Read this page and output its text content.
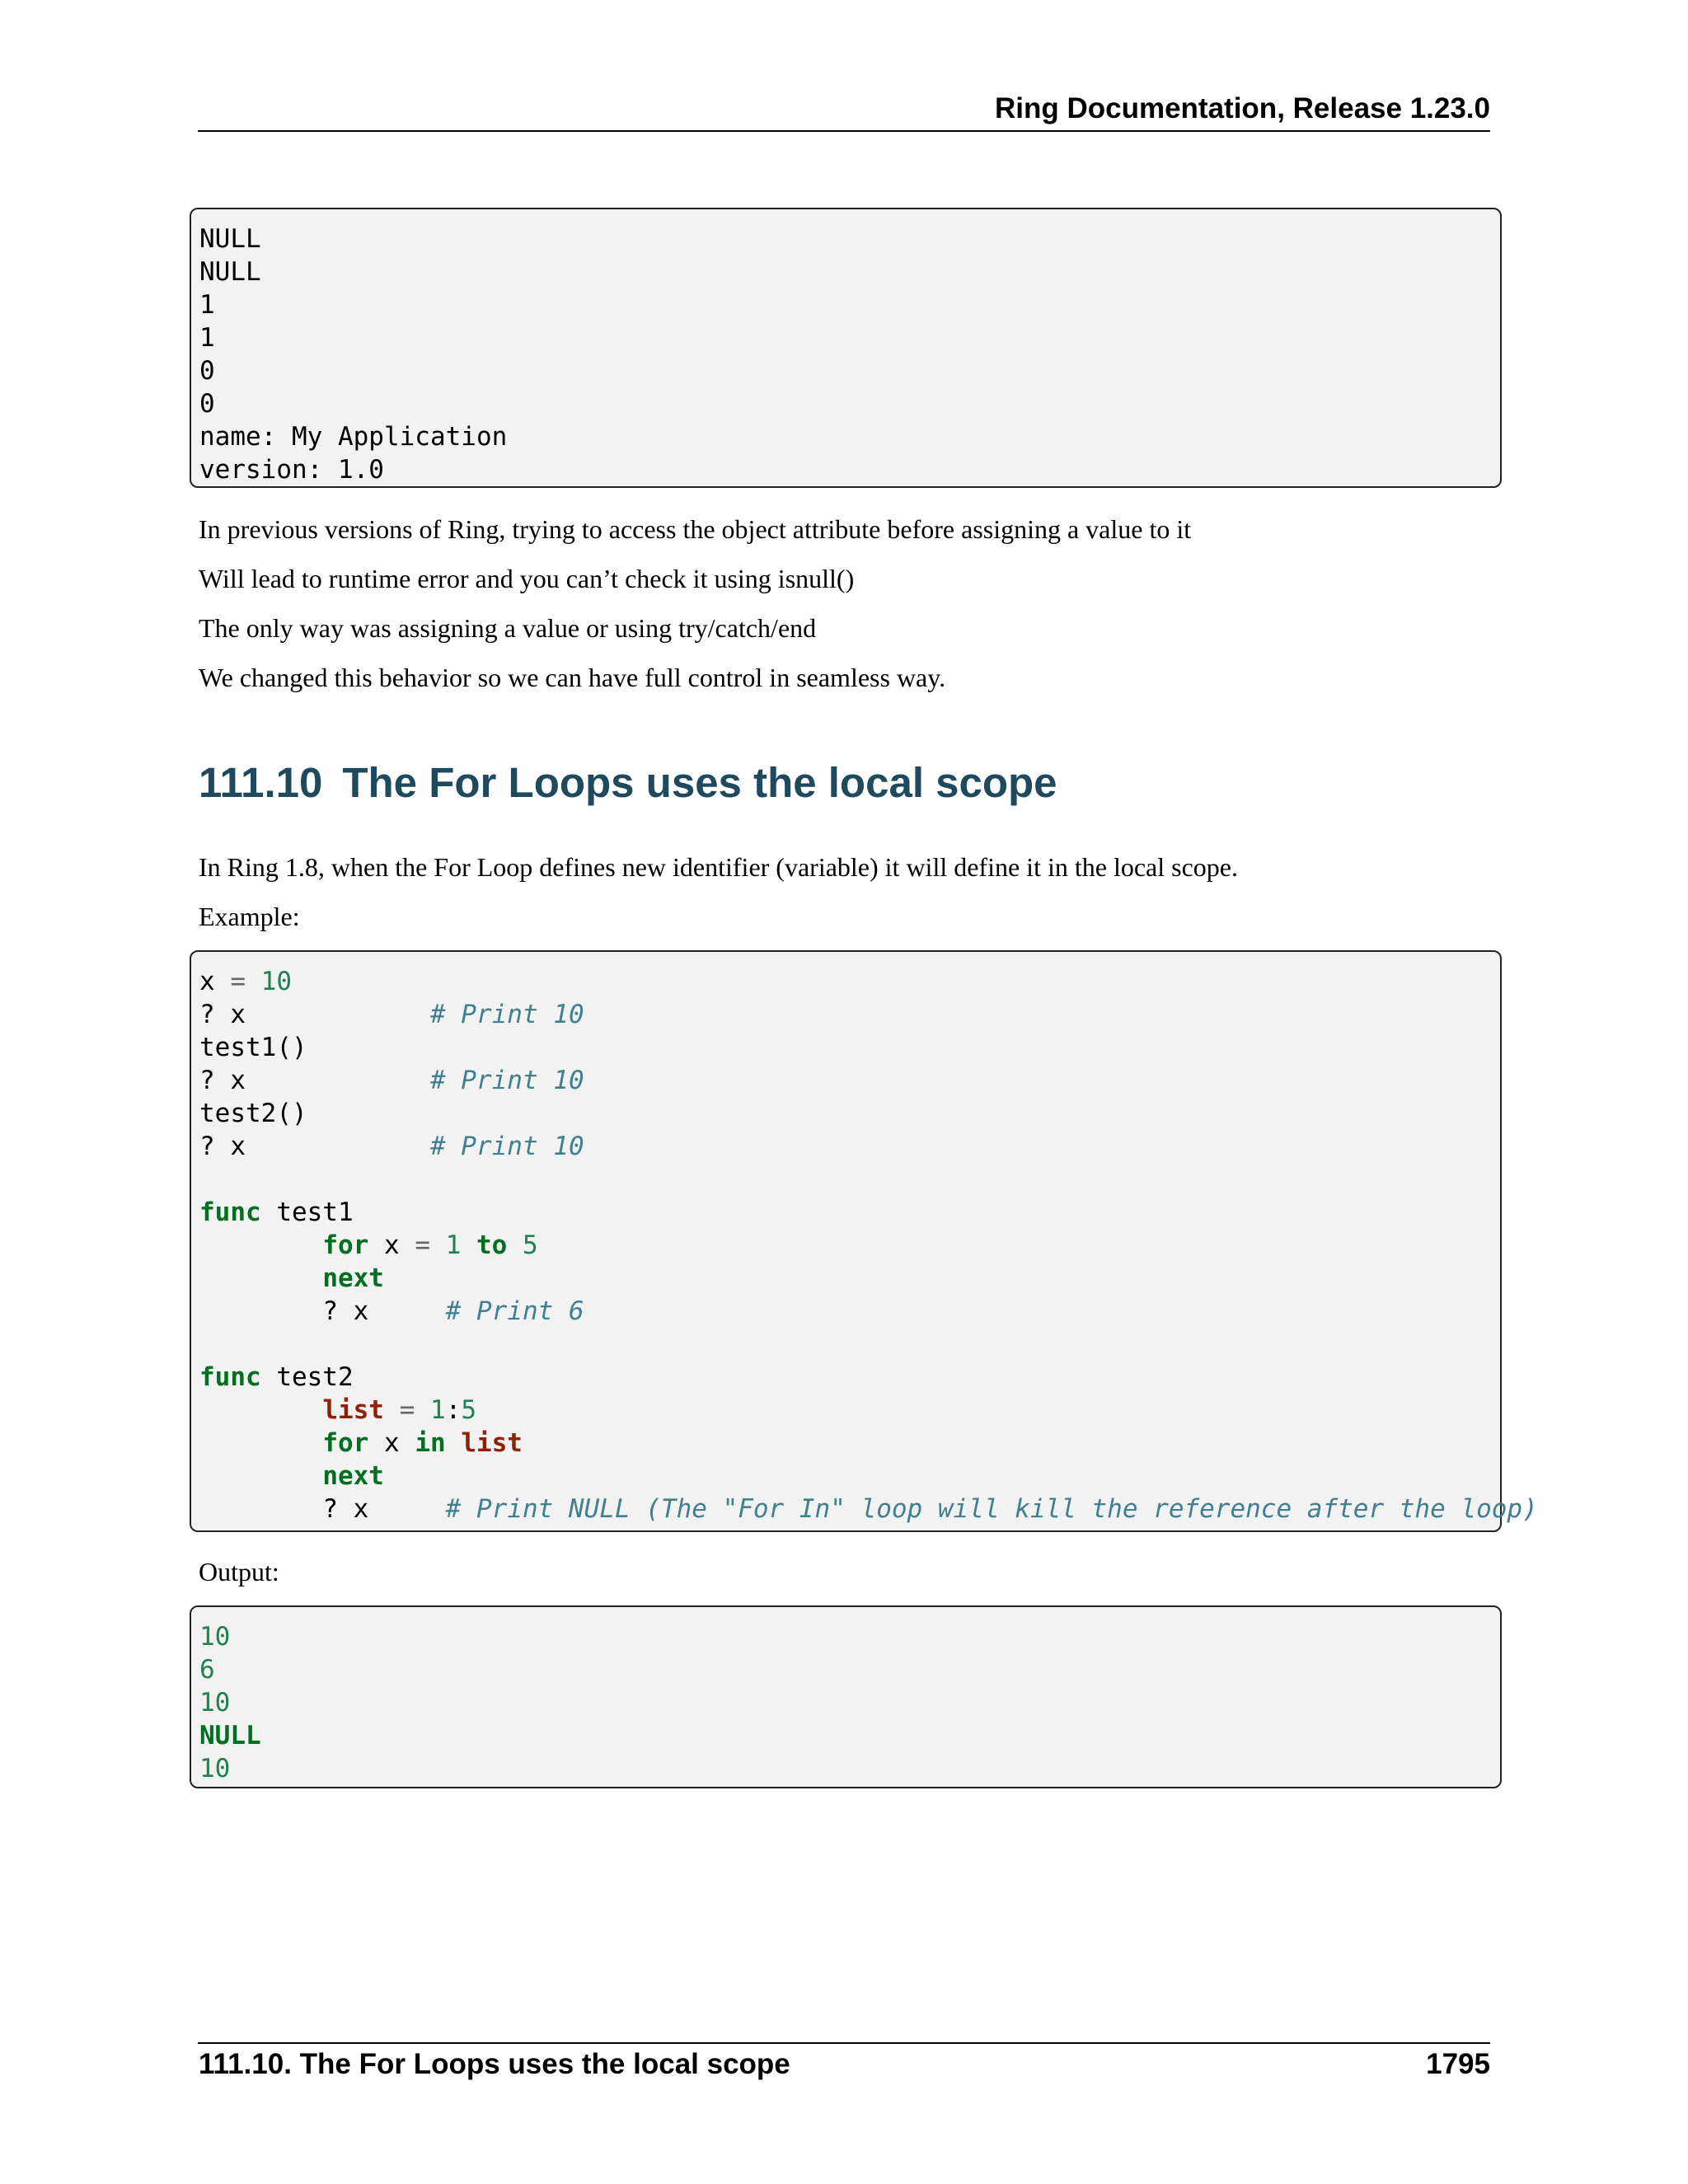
Ring Documentation, Release 1.23.0
NULL
NULL
1
1
0
0
name: My Application
version: 1.0
In previous versions of Ring, trying to access the object attribute before assigning a value to it
Will lead to runtime error and you can’t check it using isnull()
The only way was assigning a value or using try/catch/end
We changed this behavior so we can have full control in seamless way.
111.10 The For Loops uses the local scope
In Ring 1.8, when the For Loop defines new identifier (variable) it will define it in the local scope.
Example:
x = 10
? x            # Print 10
test1()
? x            # Print 10
test2()
? x            # Print 10
func test1
for x = 1 to 5
next
? x     # Print 6
func test2
list = 1:5
for x in list
next
? x     # Print NULL (The "For In" loop will kill the reference after the loop)
Output:
10
6
10
NULL
10
111.10. The For Loops uses the local scope	1795
